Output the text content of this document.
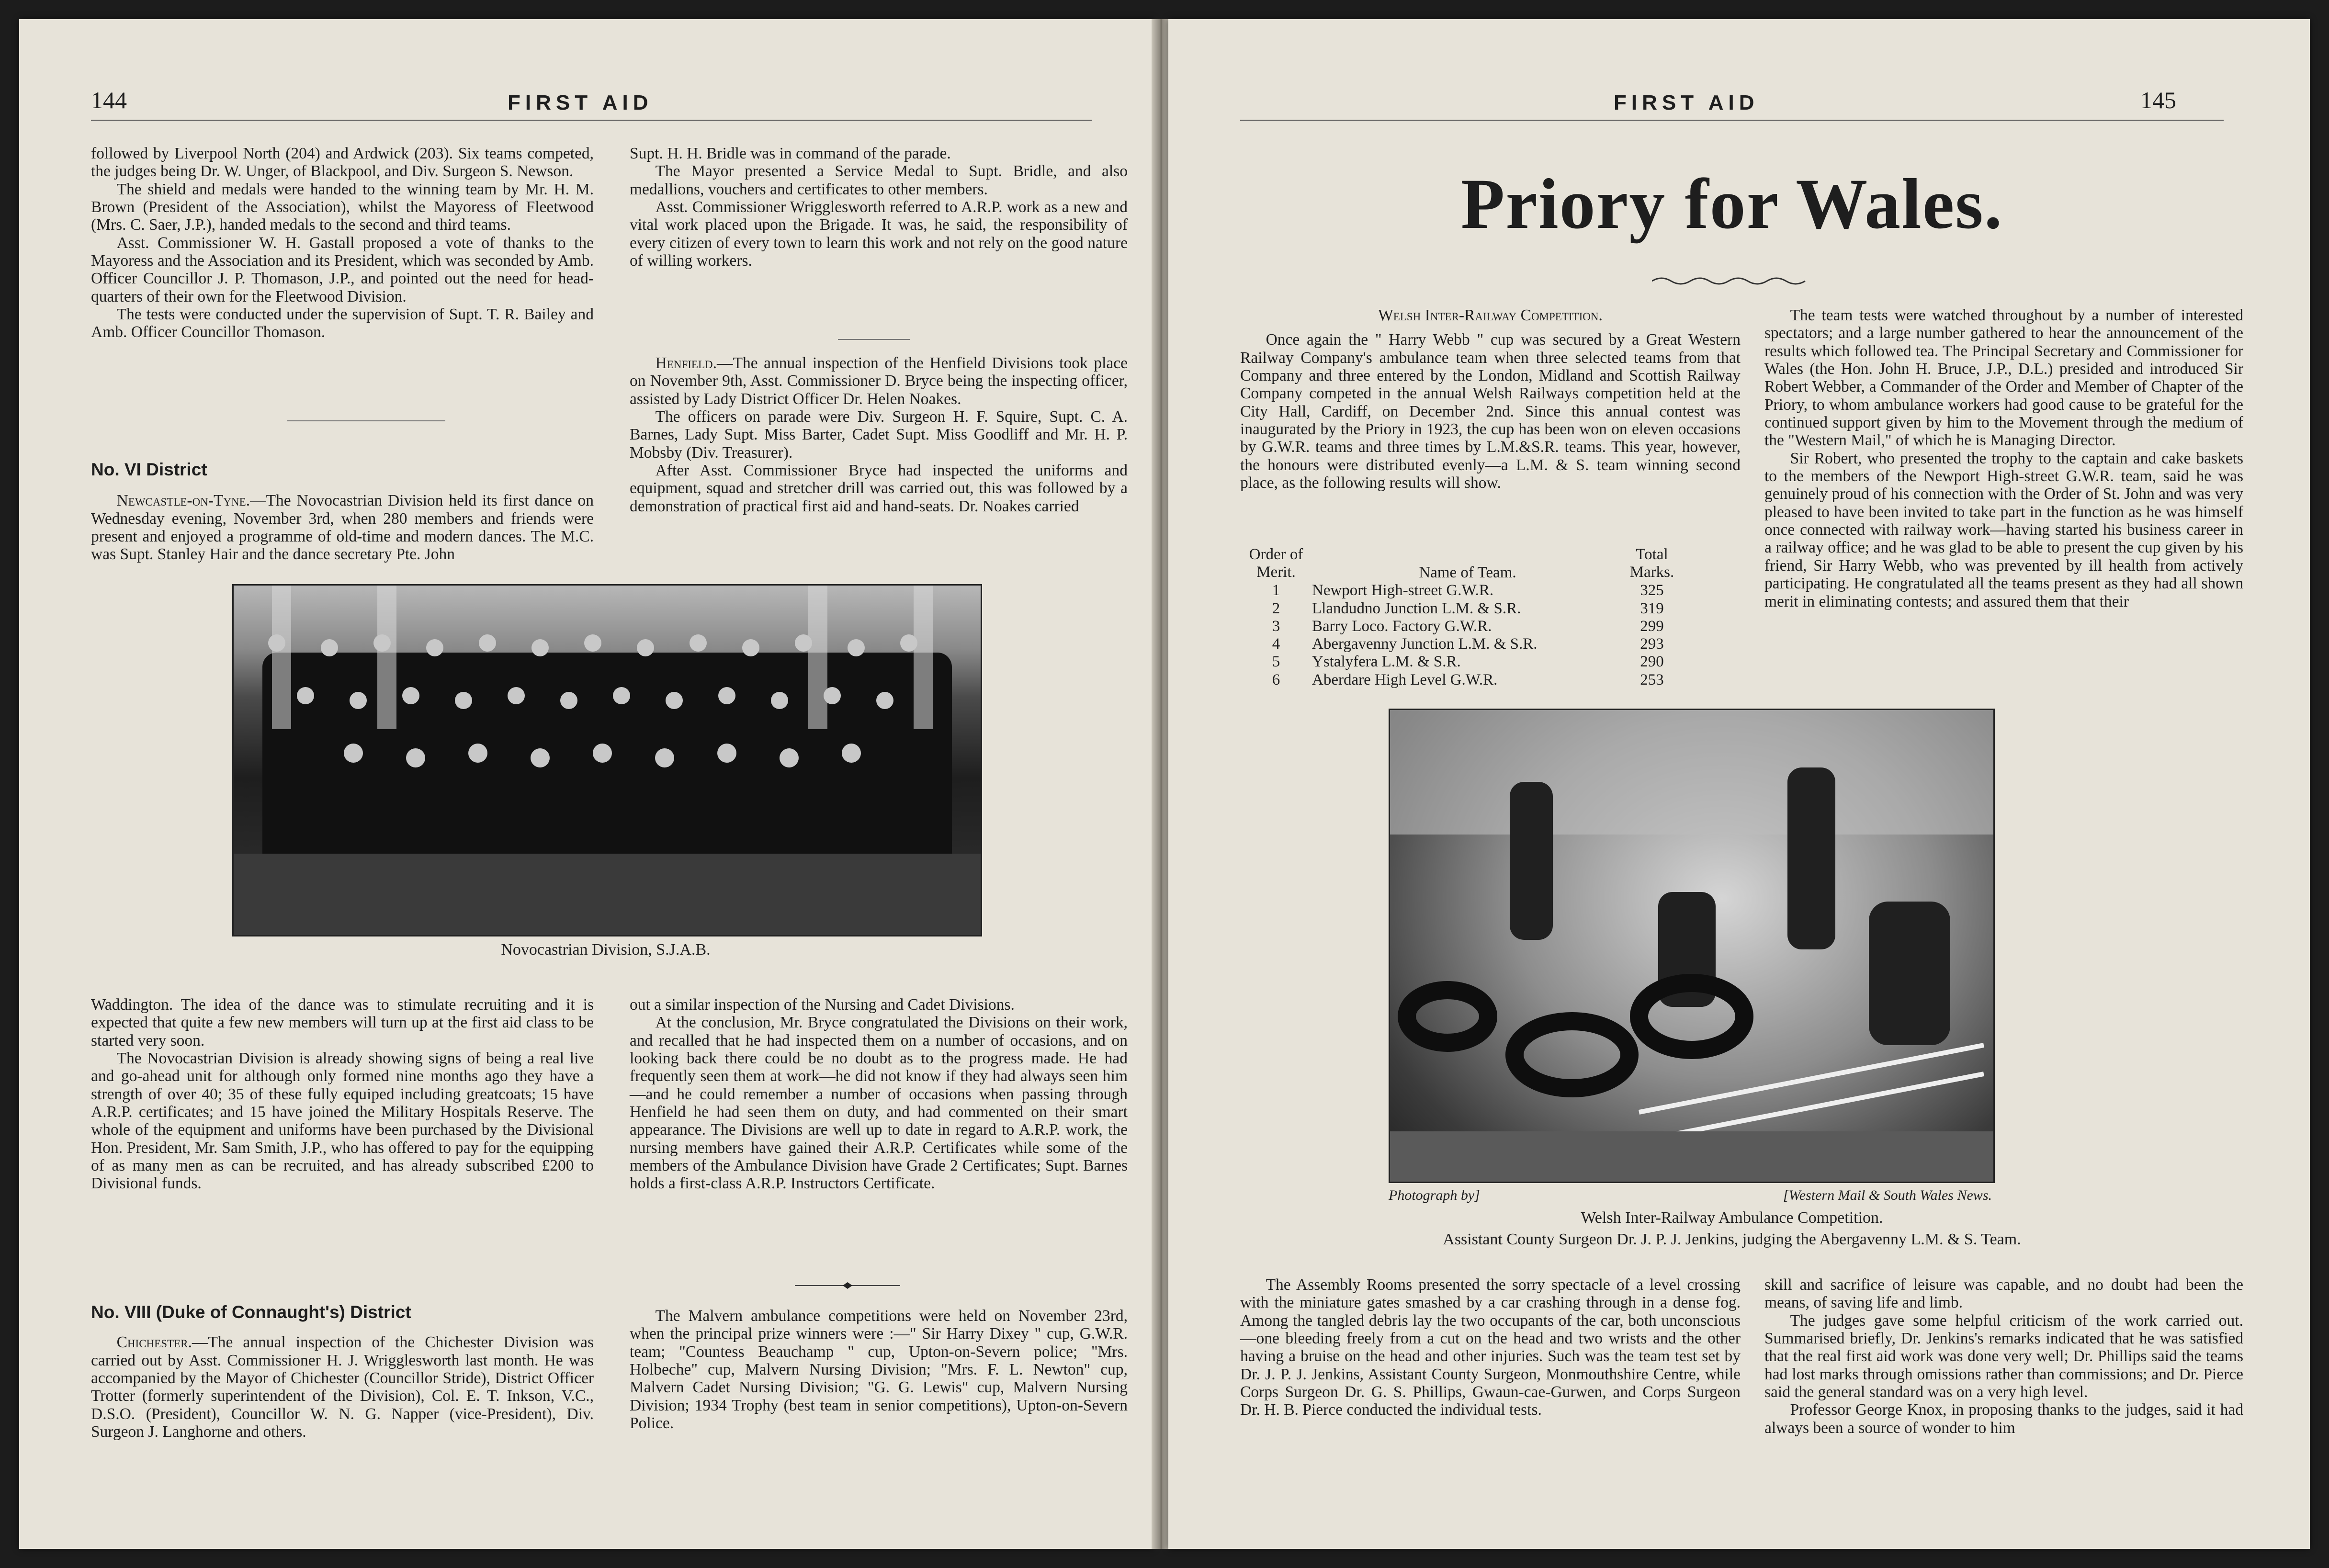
144	FIRST AID

followed by Liverpool North (204) and Ardwick (203). Six teams competed, the judges being Dr. W. Unger, of Blackpool, and Div. Surgeon S. Newson.

The shield and medals were handed to the winning team by Mr. H. M. Brown (President of the Association), whilst the Mayoress of Fleetwood (Mrs. C. Saer, J.P.), handed medals to the second and third teams.

Asst. Commissioner W. H. Gastall proposed a vote of thanks to the Mayoress and the Association and its President, which was seconded by Amb. Officer Councillor J. P. Thomason, J.P., and pointed out the need for head-quarters of their own for the Fleetwood Division.

The tests were conducted under the supervision of Supt. T. R. Bailey and Amb. Officer Councillor Thomason.

No. VI District

Newcastle-on-Tyne.—The Novocastrian Division held its first dance on Wednesday evening, November 3rd, when 280 members and friends were present and enjoyed a programme of old-time and modern dances. The M.C. was Supt. Stanley Hair and the dance secretary Pte. John

Supt. H. H. Bridle was in command of the parade.

The Mayor presented a Service Medal to Supt. Bridle, and also medallions, vouchers and certificates to other members.

Asst. Commissioner Wrigglesworth referred to A.R.P. work as a new and vital work placed upon the Brigade. It was, he said, the responsibility of every citizen of every town to learn this work and not rely on the good nature of willing workers.

Henfield.—The annual inspection of the Henfield Divisions took place on November 9th, Asst. Commissioner D. Bryce being the inspecting officer, assisted by Lady District Officer Dr. Helen Noakes.

The officers on parade were Div. Surgeon H. F. Squire, Supt. C. A. Barnes, Lady Supt. Miss Barter, Cadet Supt. Miss Goodliff and Mr. H. P. Mobsby (Div. Treasurer).

After Asst. Commissioner Bryce had inspected the uniforms and equipment, squad and stretcher drill was carried out, this was followed by a demonstration of practical first aid and hand-seats. Dr. Noakes carried

Novocastrian Division, S.J.A.B.

Waddington. The idea of the dance was to stimulate recruiting and it is expected that quite a few new members will turn up at the first aid class to be started very soon.

The Novocastrian Division is already showing signs of being a real live and go-ahead unit for although only formed nine months ago they have a strength of over 40; 35 of these fully equiped including greatcoats; 15 have A.R.P. certificates; and 15 have joined the Military Hospitals Reserve. The whole of the equipment and uniforms have been purchased by the Divisional Hon. President, Mr. Sam Smith, J.P., who has offered to pay for the equipping of as many men as can be recruited, and has already subscribed £200 to Divisional funds.

No. VIII (Duke of Connaught's) District

Chichester.—The annual inspection of the Chichester Division was carried out by Asst. Commissioner H. J. Wrigglesworth last month. He was accompanied by the Mayor of Chichester (Councillor Stride), District Officer Trotter (formerly superintendent of the Division), Col. E. T. Inkson, V.C., D.S.O. (President), Councillor W. N. G. Napper (vice-President), Div. Surgeon J. Langhorne and others.

out a similar inspection of the Nursing and Cadet Divisions.

At the conclusion, Mr. Bryce congratulated the Divisions on their work, and recalled that he had inspected them on a number of occasions, and on looking back there could be no doubt as to the progress made. He had frequently seen them at work—he did not know if they had always seen him—and he could remember a number of occasions when passing through Henfield he had seen them on duty, and had commented on their smart appearance. The Divisions are well up to date in regard to A.R.P. work, the nursing members have gained their A.R.P. Certificates while some of the members of the Ambulance Division have Grade 2 Certificates; Supt. Barnes holds a first-class A.R.P. Instructors Certificate.

The Malvern ambulance competitions were held on November 23rd, when the principal prize winners were :—" Sir Harry Dixey " cup, G.W.R. team; "Countess Beauchamp " cup, Upton-on-Severn police; "Mrs. Holbeche" cup, Malvern Nursing Division; "Mrs. F. L. Newton" cup, Malvern Cadet Nursing Division; "G. G. Lewis" cup, Malvern Nursing Division; 1934 Trophy (best team in senior competitions), Upton-on-Severn Police.

FIRST AID	145
Priory for Wales.
Welsh Inter-Railway Competition.

Once again the " Harry Webb " cup was secured by a Great Western Railway Company's ambulance team when three selected teams from that Company and three entered by the London, Midland and Scottish Railway Company competed in the annual Welsh Railways competition held at the City Hall, Cardiff, on December 2nd. Since this annual contest was inaugurated by the Priory in 1923, the cup has been won on eleven occasions by G.W.R. teams and three times by L.M.&S.R. teams. This year, however, the honours were distributed evenly—a L.M. & S. team winning second place, as the following results will show.

Order of
Merit.	Name of Team.
Total
Marks.
1	Newport High-street G.W.R.	325
2	Llandudno Junction L.M. & S.R.	319
3	Barry Loco. Factory G.W.R.	299
4	Abergavenny Junction L.M. & S.R.	293
5	Ystalyfera L.M. & S.R.	290
6	Aberdare High Level G.W.R.	253

The team tests were watched throughout by a number of interested spectators; and a large number gathered to hear the announcement of the results which followed tea. The Principal Secretary and Commissioner for Wales (the Hon. John H. Bruce, J.P., D.L.) presided and introduced Sir Robert Webber, a Commander of the Order and Member of Chapter of the Priory, to whom ambulance workers had good cause to be grateful for the continued support given by him to the Movement through the medium of the "Western Mail," of which he is Managing Director.

Sir Robert, who presented the trophy to the captain and cake baskets to the members of the Newport High-street G.W.R. team, said he was genuinely proud of his connection with the Order of St. John and was very pleased to have been invited to take part in the function as he was himself once connected with railway work—having started his business career in a railway office; and he was glad to be able to present the cup given by his friend, Sir Harry Webb, who was prevented by ill health from actively participating. He congratulated all the teams present as they had all shown merit in eliminating contests; and assured them that their

Photograph by]	[Western Mail & South Wales News.
Welsh Inter-Railway Ambulance Competition.
Assistant County Surgeon Dr. J. P. J. Jenkins, judging the Abergavenny L.M. & S. Team.

The Assembly Rooms presented the sorry spectacle of a level crossing with the miniature gates smashed by a car crashing through in a dense fog. Among the tangled debris lay the two occupants of the car, both unconscious—one bleeding freely from a cut on the head and two wrists and the other having a bruise on the head and other injuries. Such was the team test set by Dr. J. P. J. Jenkins, Assistant County Surgeon, Monmouthshire Centre, while Corps Surgeon Dr. G. S. Phillips, Gwaun-cae-Gurwen, and Corps Surgeon Dr. H. B. Pierce conducted the individual tests.

skill and sacrifice of leisure was capable, and no doubt had been the means, of saving life and limb.

The judges gave some helpful criticism of the work carried out. Summarised briefly, Dr. Jenkins's remarks indicated that he was satisfied that the real first aid work was done very well; Dr. Phillips said the teams had lost marks through omissions rather than commissions; and Dr. Pierce said the general standard was on a very high level.

Professor George Knox, in proposing thanks to the judges, said it had always been a source of wonder to him
